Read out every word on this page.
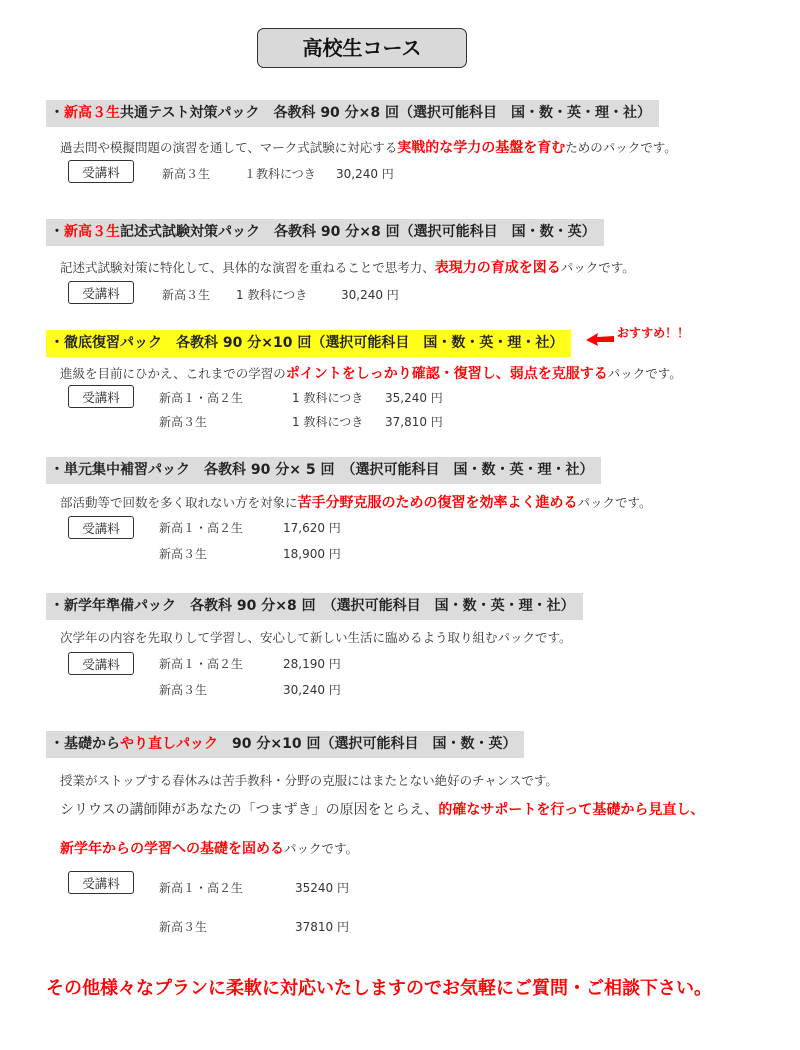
高校生コース
・新高３生共通テスト対策パック　各教科 90 分×8 回（選択可能科目　国・数・英・理・社）
過去問や模擬問題の演習を通して、マーク式試験に対応する実戦的な学力の基盤を育むためのパックです。
受講料	新高３生	１教科につき 30,240 円
・新高３生記述式試験対策パック　各教科 90 分×8 回（選択可能科目　国・数・英）
記述式試験対策に特化して、具体的な演習を重ねることで思考力、表現力の育成を図るパックです。
受講料	新高３生 1 教科につき	30,240 円
・徹底復習パック　各教科 90 分×10 回（選択可能科目　国・数・英・理・社）
おすすめ！！
進級を目前にひかえ、これまでの学習のポイントをしっかり確認・復習し、弱点を克服するパックです。
受講料	新高１・高２生	1 教科につき 35,240 円
新高３生	1 教科につき 37,810 円
・単元集中補習パック　各教科 90 分× 5 回　（選択可能科目　国・数・英・理・社）
部活動等で回数を多く取れない方を対象に苦手分野克服のための復習を効率よく進めるパックです。
受講料	新高１・高２生	17,620 円
新高３生	18,900 円
・新学年準備パック　各教科 90 分×8 回　（選択可能科目　国・数・英・理・社）
次学年の内容を先取りして学習し、安心して新しい生活に臨めるよう取り組むパックです。
受講料	新高１・高２生	28,190 円
新高３生	30,240 円
・基礎からやり直しパック　90 分×10 回（選択可能科目　国・数・英）
授業がストップする春休みは苦手教科・分野の克服にはまたとない絶好のチャンスです。
シリウスの講師陣があなたの「つまずき」の原因をとらえ、的確なサポートを行って基礎から見直し、
新学年からの学習への基礎を固めるパックです。
受講料	新高１・高２生	35240 円
新高３生	37810 円
その他様々なプランに柔軟に対応いたしますのでお気軽にご質問・ご相談下さい。
